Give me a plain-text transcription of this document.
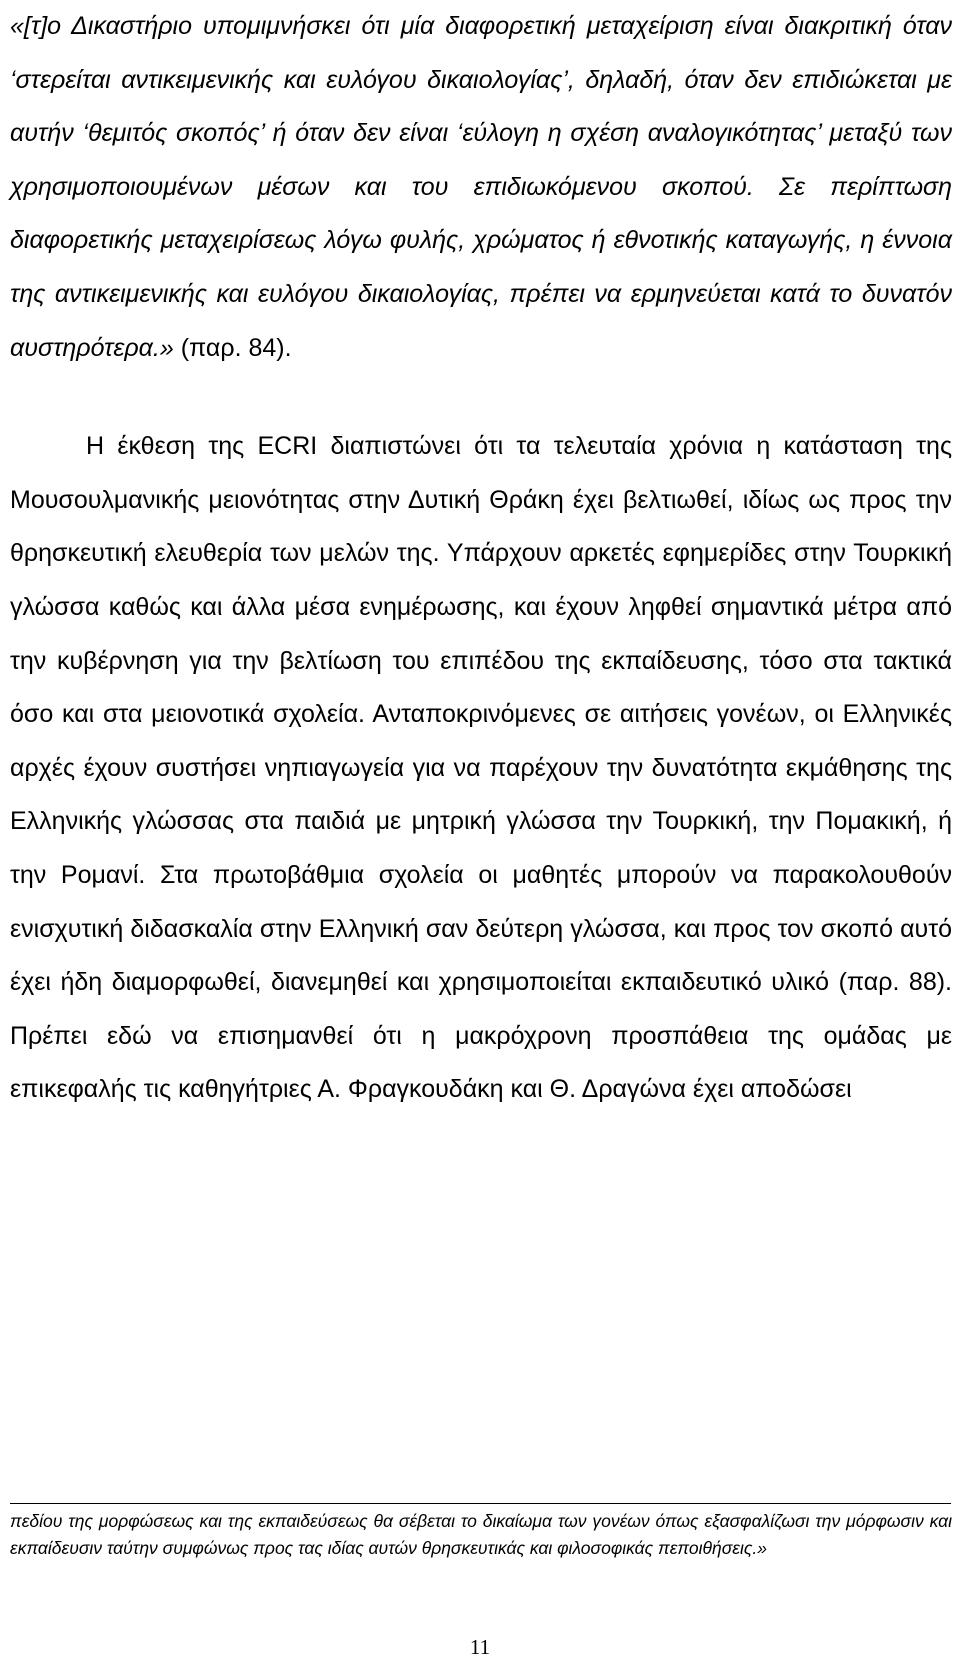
«[τ]ο Δικαστήριο υπομιμνήσκει ότι μία διαφορετική μεταχείριση είναι διακριτική όταν ‘στερείται αντικειμενικής και ευλόγου δικαιολογίας’, δηλαδή, όταν δεν επιδιώκεται με αυτήν ‘θεμιτός σκοπός’ ή όταν δεν είναι ‘εύλογη η σχέση αναλογικότητας’ μεταξύ των χρησιμοποιουμένων μέσων και του επιδιωκόμενου σκοπού. Σε περίπτωση διαφορετικής μεταχειρίσεως λόγω φυλής, χρώματος ή εθνοτικής καταγωγής, η έννοια της αντικειμενικής και ευλόγου δικαιολογίας, πρέπει να ερμηνεύεται κατά το δυνατόν αυστηρότερα.» (παρ. 84).

Η έκθεση της ECRI διαπιστώνει ότι τα τελευταία χρόνια η κατάσταση της Μουσουλμανικής μειονότητας στην Δυτική Θράκη έχει βελτιωθεί, ιδίως ως προς την θρησκευτική ελευθερία των μελών της. Υπάρχουν αρκετές εφημερίδες στην Τουρκική γλώσσα καθώς και άλλα μέσα ενημέρωσης, και έχουν ληφθεί σημαντικά μέτρα από την κυβέρνηση για την βελτίωση του επιπέδου της εκπαίδευσης, τόσο στα τακτικά όσο και στα μειονοτικά σχολεία. Ανταποκρινόμενες σε αιτήσεις γονέων, οι Ελληνικές αρχές έχουν συστήσει νηπιαγωγεία για να παρέχουν την δυνατότητα εκμάθησης της Ελληνικής γλώσσας στα παιδιά με μητρική γλώσσα την Τουρκική, την Πομακική, ή την Ρομανί. Στα πρωτοβάθμια σχολεία οι μαθητές μπορούν να παρακολουθούν ενισχυτική διδασκαλία στην Ελληνική σαν δεύτερη γλώσσα, και προς τον σκοπό αυτό έχει ήδη διαμορφωθεί, διανεμηθεί και χρησιμοποιείται εκπαιδευτικό υλικό (παρ. 88). Πρέπει εδώ να επισημανθεί ότι η μακρόχρονη προσπάθεια της ομάδας με επικεφαλής τις καθηγήτριες Α. Φραγκουδάκη και Θ. Δραγώνα έχει αποδώσει

πεδίου της μορφώσεως και της εκπαιδεύσεως θα σέβεται το δικαίωμα των γονέων όπως εξασφαλίζωσι την μόρφωσιν και εκπαίδευσιν ταύτην συμφώνως προς τας ιδίας αυτών θρησκευτικάς και φιλοσοφικάς πεποιθήσεις.»

11
